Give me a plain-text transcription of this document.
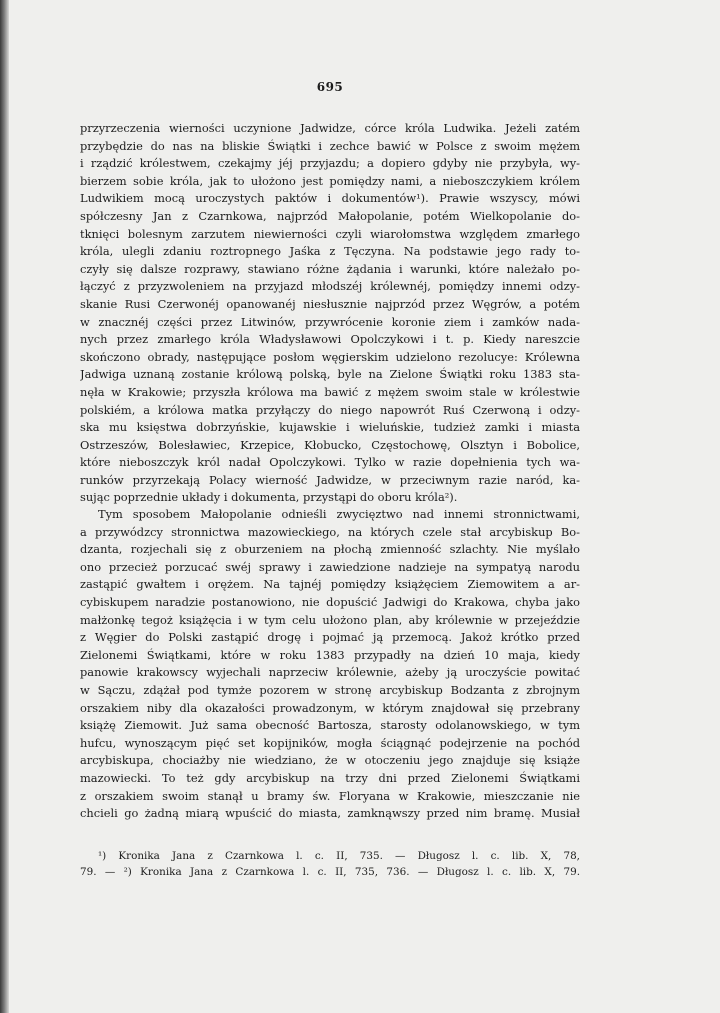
695
przyrzeczenia wierności uczynione Jadwidze, córce króla Ludwika. Jeżeli zatém
przybędzie do nas na bliskie Świątki i zechce bawić w Polsce z swoim mężem
i rządzić królestwem, czekajmy jéj przyjazdu; a dopiero gdyby nie przybyła, wy-
bierzem sobie króla, jak to ułożono jest pomiędzy nami, a nieboszczykiem królem
Ludwikiem mocą uroczystych paktów i dokumentów¹). Prawie wszyscy, mówi
spółczesny Jan z Czarnkowa, najprzód Małopolanie, potém Wielkopolanie do-
tknięci bolesnym zarzutem niewierności czyli wiarołomstwa względem zmarłego
króla, ulegli zdaniu roztropnego Jaśka z Tęczyna. Na podstawie jego rady to-
czyły się dalsze rozprawy, stawiano różne żądania i warunki, które należało po-
łączyć z przyzwoleniem na przyjazd młodszéj królewnéj, pomiędzy innemi odzy-
skanie Rusi Czerwonéj opanowanéj niesłusznie najprzód przez Węgrów, a potém
w znacznéj części przez Litwinów, przywrócenie koronie ziem i zamków nada-
nych przez zmarłego króla Władysławowi Opolczykowi i t. p. Kiedy nareszcie
skończono obrady, następujące posłom węgierskim udzielono rezolucye: Królewna
Jadwiga uznaną zostanie królową polską, byle na Zielone Świątki roku 1383 sta-
nęła w Krakowie; przyszła królowa ma bawić z mężem swoim stale w królestwie
polskiém, a królowa matka przyłączy do niego napowrót Ruś Czerwoną i odzy-
ska mu księstwa dobrzyńskie, kujawskie i wieluńskie, tudzież zamki i miasta
Ostrzeszów, Bolesławiec, Krzepice, Kłobucko, Częstochowę, Olsztyn i Bobolice,
które nieboszczyk król nadał Opolczykowi. Tylko w razie dopełnienia tych wa-
runków przyrzekają Polacy wierność Jadwidze, w przeciwnym razie naród, ka-
sując poprzednie układy i dokumenta, przystąpi do oboru króla²).
Tym sposobem Małopolanie odnieśli zwycięztwo nad innemi stronnictwami,
a przywódzcy stronnictwa mazowieckiego, na których czele stał arcybiskup Bo-
dzanta, rozjechali się z oburzeniem na płochą zmienność szlachty. Nie myślało
ono przecież porzucać swéj sprawy i zawiedzione nadzieje na sympatyą narodu
zastąpić gwałtem i orężem. Na tajnéj pomiędzy książęciem Ziemowitem a ar-
cybiskupem naradzie postanowiono, nie dopuścić Jadwigi do Krakowa, chyba jako
małżonkę tegoż książęcia i w tym celu ułożono plan, aby królewnie w przejeździe
z Węgier do Polski zastąpić drogę i pojmać ją przemocą. Jakoż krótko przed
Zielonemi Świątkami, które w roku 1383 przypadły na dzień 10 maja, kiedy
panowie krakowscy wyjechali naprzeciw królewnie, ażeby ją uroczyście powitać
w Sączu, zdążał pod tymże pozorem w stronę arcybiskup Bodzanta z zbrojnym
orszakiem niby dla okazałości prowadzonym, w którym znajdował się przebrany
książę Ziemowit. Już sama obecność Bartosza, starosty odolanowskiego, w tym
hufcu, wynoszącym pięć set kopijników, mogła ściągnąć podejrzenie na pochód
arcybiskupa, chociażby nie wiedziano, że w otoczeniu jego znajduje się książe
mazowiecki. To też gdy arcybiskup na trzy dni przed Zielonemi Świątkami
z orszakiem swoim stanął u bramy św. Floryana w Krakowie, mieszczanie nie
chcieli go żadną miarą wpuścić do miasta, zamknąwszy przed nim bramę. Musiał
¹) Kronika Jana z Czarnkowa l. c. II, 735. — Długosz l. c. lib. X, 78,
79. — ²) Kronika Jana z Czarnkowa l. c. II, 735, 736. — Długosz l. c. lib. X, 79.
